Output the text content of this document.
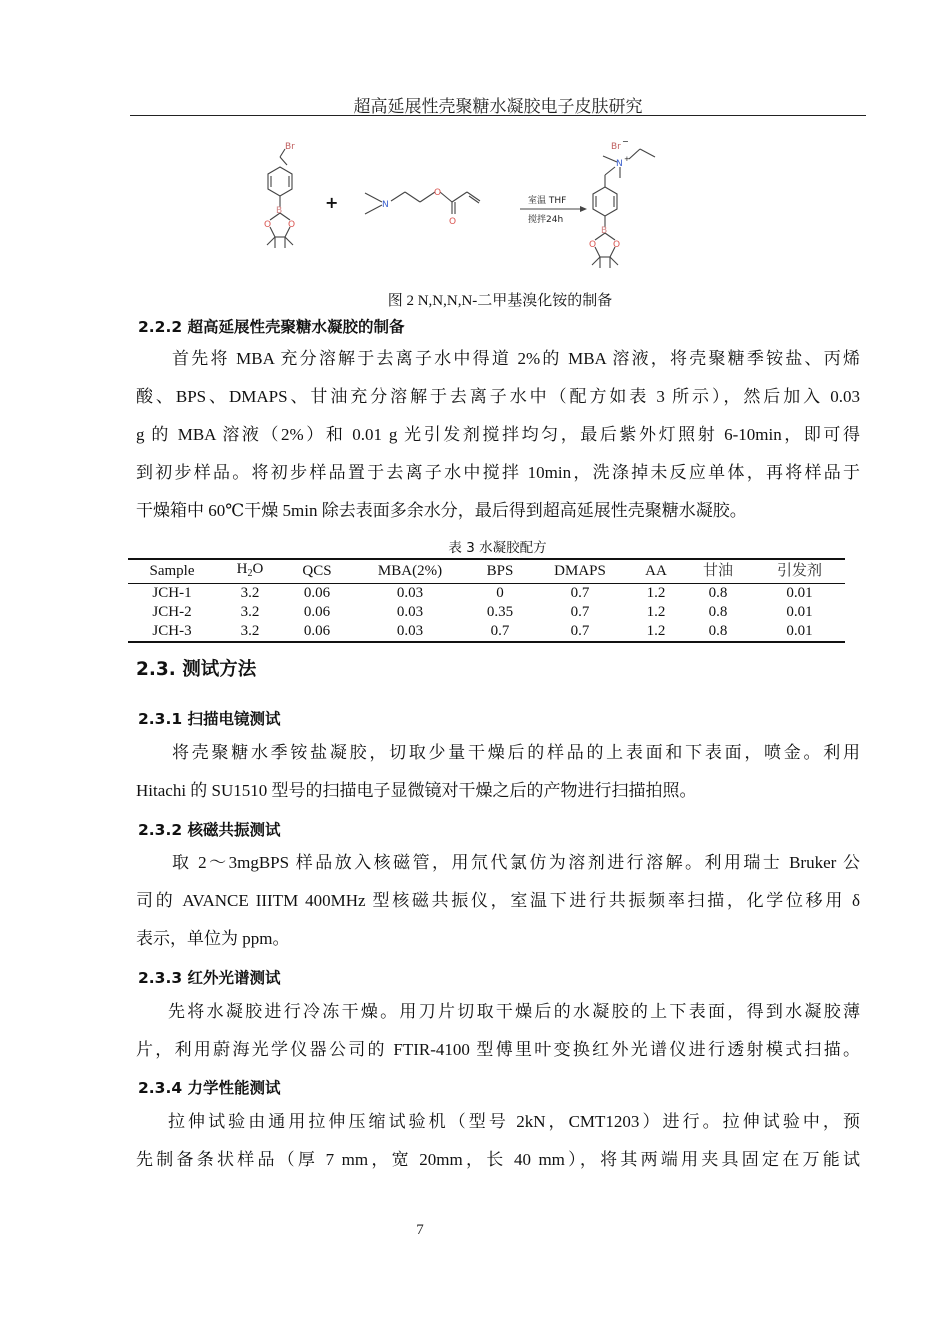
超高延展性壳聚糖水凝胶电子皮肤研究
Br
B
O O
N
O
O
+
Br
−
N +
B
O O
室温 THF
搅拌24h
图 2 N,N,N,N-二甲基溴化铵的制备
2.2.2 超高延展性壳聚糖水凝胶的制备
首先将 MBA 充分溶解于去离子水中得道 2%的 MBA 溶液，将壳聚糖季铵盐、丙烯
酸、BPS、DMAPS、甘油充分溶解于去离子水中（配方如表 3 所示），然后加入 0.03
g 的 MBA 溶液（2%）和 0.01 g 光引发剂搅拌均匀，最后紫外灯照射 6-10min，即可得
到初步样品。将初步样品置于去离子水中搅拌 10min，洗涤掉未反应单体，再将样品于
干燥箱中 60℃干燥 5min 除去表面多余水分，最后得到超高延展性壳聚糖水凝胶。
表 3 水凝胶配方
Sample	$H_2O$	QCS	MBA(2%)	BPS	DMAPS	AA	甘油	引发剂
JCH-1	3.2	0.06	0.03	0	0.7	1.2	0.8	0.01
JCH-2	3.2	0.06	0.03	0.35	0.7	1.2	0.8	0.01
JCH-3	3.2	0.06	0.03	0.7	0.7	1.2	0.8	0.01
2.3. 测试方法
2.3.1 扫描电镜测试
将壳聚糖水季铵盐凝胶，切取少量干燥后的样品的上表面和下表面，喷金。利用
Hitachi 的 SU1510 型号的扫描电子显微镜对干燥之后的产物进行扫描拍照。
2.3.2 核磁共振测试
取 2～3mgBPS 样品放入核磁管，用氘代氯仿为溶剂进行溶解。利用瑞士 Bruker 公
司的 AVANCE IIITM 400MHz 型核磁共振仪，室温下进行共振频率扫描，化学位移用 δ
表示，单位为 ppm。
2.3.3 红外光谱测试
先将水凝胶进行冷冻干燥。用刀片切取干燥后的水凝胶的上下表面，得到水凝胶薄
片，利用蔚海光学仪器公司的 FTIR-4100 型傅里叶变换红外光谱仪进行透射模式扫描。
2.3.4 力学性能测试
拉伸试验由通用拉伸压缩试验机（型号 2kN，CMT1203）进行。拉伸试验中，预
先制备条状样品（厚 7 mm，宽 20mm，长 40 mm），将其两端用夹具固定在万能试
7
